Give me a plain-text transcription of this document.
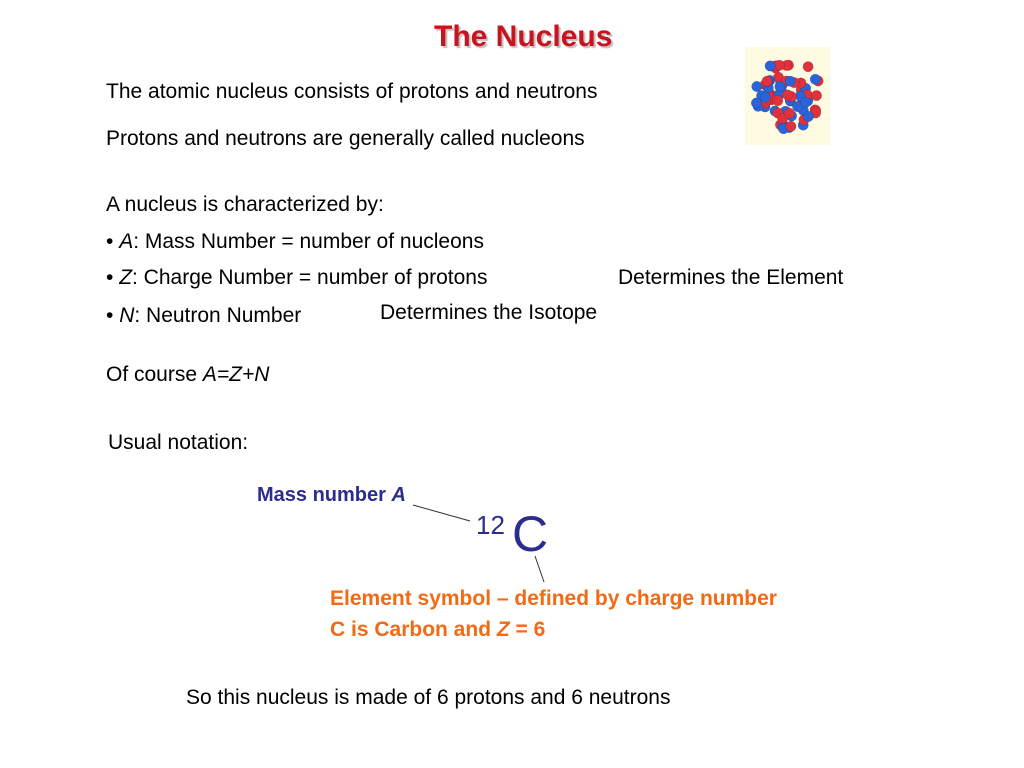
The Nucleus
The atomic nucleus consists of protons and neutrons
Protons and neutrons are generally called nucleons
A nucleus is characterized by:
• A: Mass Number = number of nucleons
• Z: Charge Number = number of protons
• N: Neutron Number
Determines the Element
Determines the Isotope
Of course A=Z+N
Usual notation:
Mass number A
12 C
Element symbol – defined by charge number
C is Carbon and Z = 6
So this nucleus is made of 6 protons and 6 neutrons
